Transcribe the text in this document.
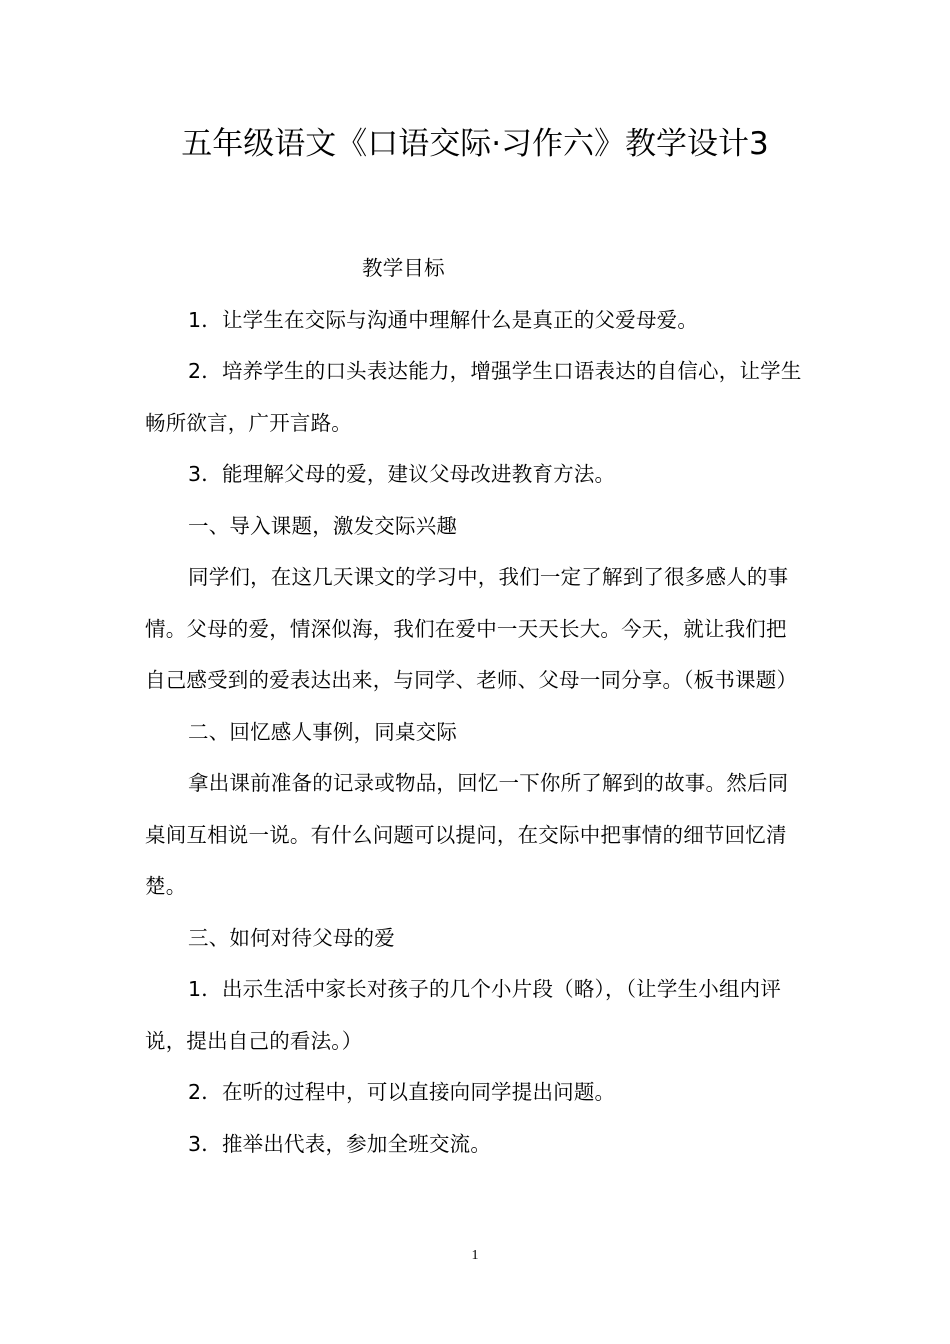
五年级语文《口语交际·习作六》教学设计3

教学目标

1．让学生在交际与沟通中理解什么是真正的父爱母爱。

2．培养学生的口头表达能力，增强学生口语表达的自信心，让学生畅所欲言，广开言路。

3．能理解父母的爱，建议父母改进教育方法。

一、导入课题，激发交际兴趣

同学们，在这几天课文的学习中，我们一定了解到了很多感人的事情。父母的爱，情深似海，我们在爱中一天天长大。今天，就让我们把自己感受到的爱表达出来，与同学、老师、父母一同分享。（板书课题）

二、回忆感人事例，同桌交际

拿出课前准备的记录或物品，回忆一下你所了解到的故事。然后同桌间互相说一说。有什么问题可以提问，在交际中把事情的细节回忆清楚。

三、如何对待父母的爱

1．出示生活中家长对孩子的几个小片段（略），（让学生小组内评说，提出自己的看法。）

2．在听的过程中，可以直接向同学提出问题。

3．推举出代表，参加全班交流。

1
